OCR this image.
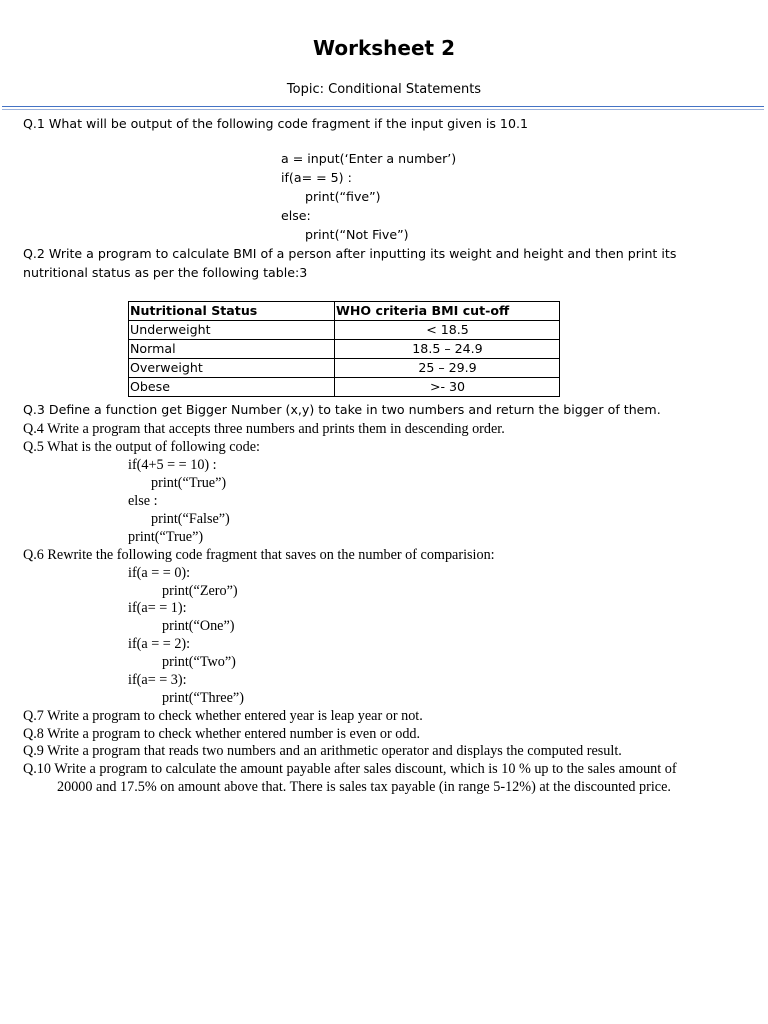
Worksheet 2
Topic: Conditional Statements
Q.1 What will be output of the following code fragment if the input given is 10.1
a = input(‘Enter a number’)
if(a= = 5) :
print(“five”)
else:
print(“Not Five”)
Q.2 Write a program to calculate BMI of a person after inputting its weight and height and then print its
nutritional status as per the following table:3
Nutritional Status	WHO criteria BMI cut-off
Underweight	< 18.5
Normal	18.5 – 24.9
Overweight	25 – 29.9
Obese	>- 30
Q.3 Define a function get Bigger Number (x,y) to take in two numbers and return the bigger of them.
Q.4 Write a program that accepts three numbers and prints them in descending order.
Q.5 What is the output of following code:
if(4+5 = = 10) :
print(“True”)
else :
print(“False”)
print(“True”)
Q.6 Rewrite the following code fragment that saves on the number of comparision:
if(a = = 0):
print(“Zero”)
if(a= = 1):
print(“One”)
if(a = = 2):
print(“Two”)
if(a= = 3):
print(“Three”)
Q.7 Write a program to check whether entered year is leap year or not.
Q.8 Write a program to check whether entered number is even or odd.
Q.9 Write a program that reads two numbers and an arithmetic operator and displays the computed result.
Q.10 Write a program to calculate the amount payable after sales discount, which is 10 % up to the sales amount of
20000 and 17.5% on amount above that. There is sales tax payable (in range 5-12%) at the discounted price.
